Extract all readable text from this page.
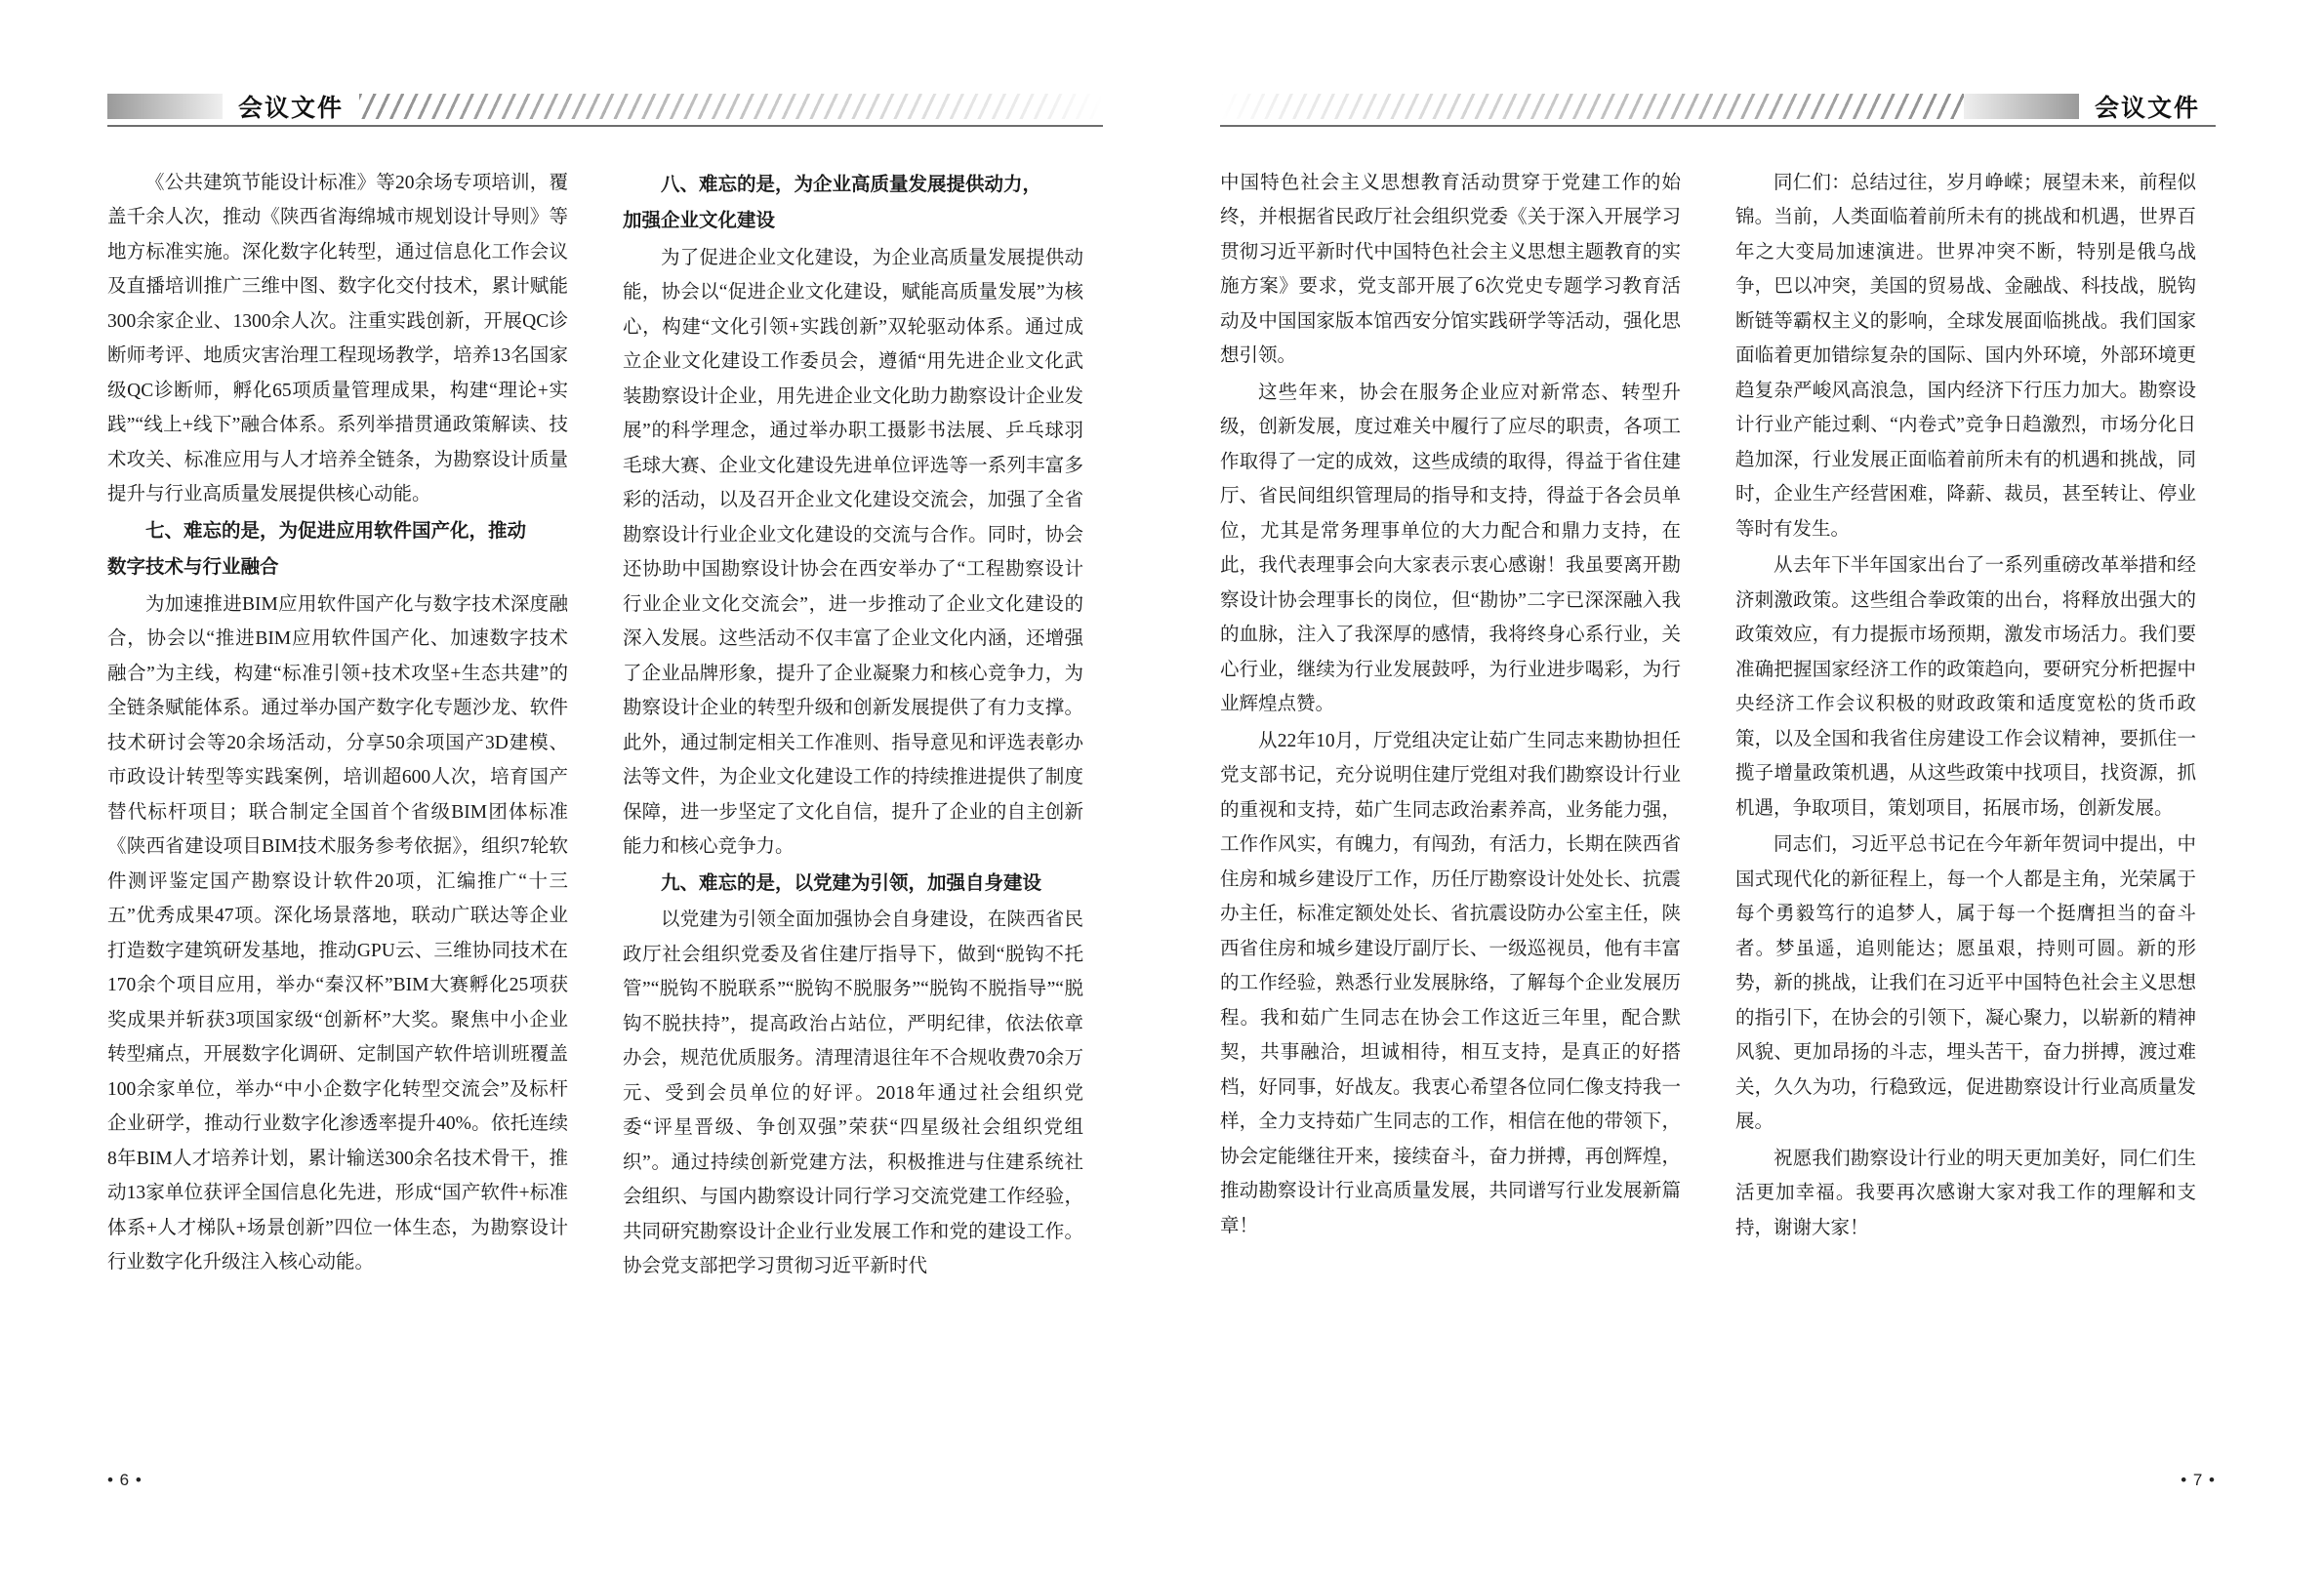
会议文件

《公共建筑节能设计标准》等20余场专项培训，覆盖千余人次，推动《陕西省海绵城市规划设计导则》等地方标准实施。深化数字化转型，通过信息化工作会议及直播培训推广三维中图、数字化交付技术，累计赋能300余家企业、1300余人次。注重实践创新，开展QC诊断师考评、地质灾害治理工程现场教学，培养13名国家级QC诊断师，孵化65项质量管理成果，构建“理论+实践”“线上+线下”融合体系。系列举措贯通政策解读、技术攻关、标准应用与人才培养全链条，为勘察设计质量提升与行业高质量发展提供核心动能。

七、难忘的是，为促进应用软件国产化，推动
数字技术与行业融合

为加速推进BIM应用软件国产化与数字技术深度融合，协会以“推进BIM应用软件国产化、加速数字技术融合”为主线，构建“标准引领+技术攻坚+生态共建”的全链条赋能体系。通过举办国产数字化专题沙龙、软件技术研讨会等20余场活动，分享50余项国产3D建模、市政设计转型等实践案例，培训超600人次，培育国产替代标杆项目；联合制定全国首个省级BIM团体标准《陕西省建设项目BIM技术服务参考依据》，组织7轮软件测评鉴定国产勘察设计软件20项，汇编推广“十三五”优秀成果47项。深化场景落地，联动广联达等企业打造数字建筑研发基地，推动GPU云、三维协同技术在170余个项目应用，举办“秦汉杯”BIM大赛孵化25项获奖成果并斩获3项国家级“创新杯”大奖。聚焦中小企业转型痛点，开展数字化调研、定制国产软件培训班覆盖100余家单位，举办“中小企数字化转型交流会”及标杆企业研学，推动行业数字化渗透率提升40%。依托连续8年BIM人才培养计划，累计输送300余名技术骨干，推动13家单位获评全国信息化先进，形成“国产软件+标准体系+人才梯队+场景创新”四位一体生态，为勘察设计行业数字化升级注入核心动能。

八、难忘的是，为企业高质量发展提供动力，
加强企业文化建设

为了促进企业文化建设，为企业高质量发展提供动能，协会以“促进企业文化建设，赋能高质量发展”为核心，构建“文化引领+实践创新”双轮驱动体系。通过成立企业文化建设工作委员会，遵循“用先进企业文化武装勘察设计企业，用先进企业文化助力勘察设计企业发展”的科学理念，通过举办职工摄影书法展、乒乓球羽毛球大赛、企业文化建设先进单位评选等一系列丰富多彩的活动，以及召开企业文化建设交流会，加强了全省勘察设计行业企业文化建设的交流与合作。同时，协会还协助中国勘察设计协会在西安举办了“工程勘察设计行业企业文化交流会”，进一步推动了企业文化建设的深入发展。这些活动不仅丰富了企业文化内涵，还增强了企业品牌形象，提升了企业凝聚力和核心竞争力，为勘察设计企业的转型升级和创新发展提供了有力支撑。此外，通过制定相关工作准则、指导意见和评选表彰办法等文件，为企业文化建设工作的持续推进提供了制度保障，进一步坚定了文化自信，提升了企业的自主创新能力和核心竞争力。

九、难忘的是，以党建为引领，加强自身建设

以党建为引领全面加强协会自身建设，在陕西省民政厅社会组织党委及省住建厅指导下，做到“脱钩不托管”“脱钩不脱联系”“脱钩不脱服务”“脱钩不脱指导”“脱钩不脱扶持”，提高政治占站位，严明纪律，依法依章办会，规范优质服务。清理清退往年不合规收费70余万元、受到会员单位的好评。2018年通过社会组织党委“评星晋级、争创双强”荣获“四星级社会组织党组织”。通过持续创新党建方法，积极推进与住建系统社会组织、与国内勘察设计同行学习交流党建工作经验，共同研究勘察设计企业行业发展工作和党的建设工作。协会党支部把学习贯彻习近平新时代

• 6 •
会议文件

中国特色社会主义思想教育活动贯穿于党建工作的始终，并根据省民政厅社会组织党委《关于深入开展学习贯彻习近平新时代中国特色社会主义思想主题教育的实施方案》要求，党支部开展了6次党史专题学习教育活动及中国国家版本馆西安分馆实践研学等活动，强化思想引领。

这些年来，协会在服务企业应对新常态、转型升级，创新发展，度过难关中履行了应尽的职责，各项工作取得了一定的成效，这些成绩的取得，得益于省住建厅、省民间组织管理局的指导和支持，得益于各会员单位，尤其是常务理事单位的大力配合和鼎力支持，在此，我代表理事会向大家表示衷心感谢！我虽要离开勘察设计协会理事长的岗位，但“勘协”二字已深深融入我的血脉，注入了我深厚的感情，我将终身心系行业，关心行业，继续为行业发展鼓呼，为行业进步喝彩，为行业辉煌点赞。

从22年10月，厅党组决定让茹广生同志来勘协担任党支部书记，充分说明住建厅党组对我们勘察设计行业的重视和支持，茹广生同志政治素养高，业务能力强，工作作风实，有魄力，有闯劲，有活力，长期在陕西省住房和城乡建设厅工作，历任厅勘察设计处处长、抗震办主任，标准定额处处长、省抗震设防办公室主任，陕西省住房和城乡建设厅副厅长、一级巡视员，他有丰富的工作经验，熟悉行业发展脉络，了解每个企业发展历程。我和茹广生同志在协会工作这近三年里，配合默契，共事融洽，坦诚相待，相互支持，是真正的好搭档，好同事，好战友。我衷心希望各位同仁像支持我一样，全力支持茹广生同志的工作，相信在他的带领下，协会定能继往开来，接续奋斗，奋力拼搏，再创辉煌，推动勘察设计行业高质量发展，共同谱写行业发展新篇章！

同仁们：总结过往，岁月峥嵘；展望未来，前程似锦。当前，人类面临着前所未有的挑战和机遇，世界百年之大变局加速演进。世界冲突不断，特别是俄乌战争，巴以冲突，美国的贸易战、金融战、科技战，脱钩断链等霸权主义的影响，全球发展面临挑战。我们国家面临着更加错综复杂的国际、国内外环境，外部环境更趋复杂严峻风高浪急，国内经济下行压力加大。勘察设计行业产能过剩、“内卷式”竞争日趋激烈，市场分化日趋加深，行业发展正面临着前所未有的机遇和挑战，同时，企业生产经营困难，降薪、裁员，甚至转让、停业等时有发生。

从去年下半年国家出台了一系列重磅改革举措和经济刺激政策。这些组合拳政策的出台，将释放出强大的政策效应，有力提振市场预期，激发市场活力。我们要准确把握国家经济工作的政策趋向，要研究分析把握中央经济工作会议积极的财政政策和适度宽松的货币政策，以及全国和我省住房建设工作会议精神，要抓住一揽子增量政策机遇，从这些政策中找项目，找资源，抓机遇，争取项目，策划项目，拓展市场，创新发展。

同志们，习近平总书记在今年新年贺词中提出，中国式现代化的新征程上，每一个人都是主角，光荣属于每个勇毅笃行的追梦人，属于每一个挺膺担当的奋斗者。梦虽遥，追则能达；愿虽艰，持则可圆。新的形势，新的挑战，让我们在习近平中国特色社会主义思想的指引下，在协会的引领下，凝心聚力，以崭新的精神风貌、更加昂扬的斗志，埋头苦干，奋力拼搏，渡过难关，久久为功，行稳致远，促进勘察设计行业高质量发展。

祝愿我们勘察设计行业的明天更加美好，同仁们生活更加幸福。我要再次感谢大家对我工作的理解和支持，谢谢大家！

• 7 •
